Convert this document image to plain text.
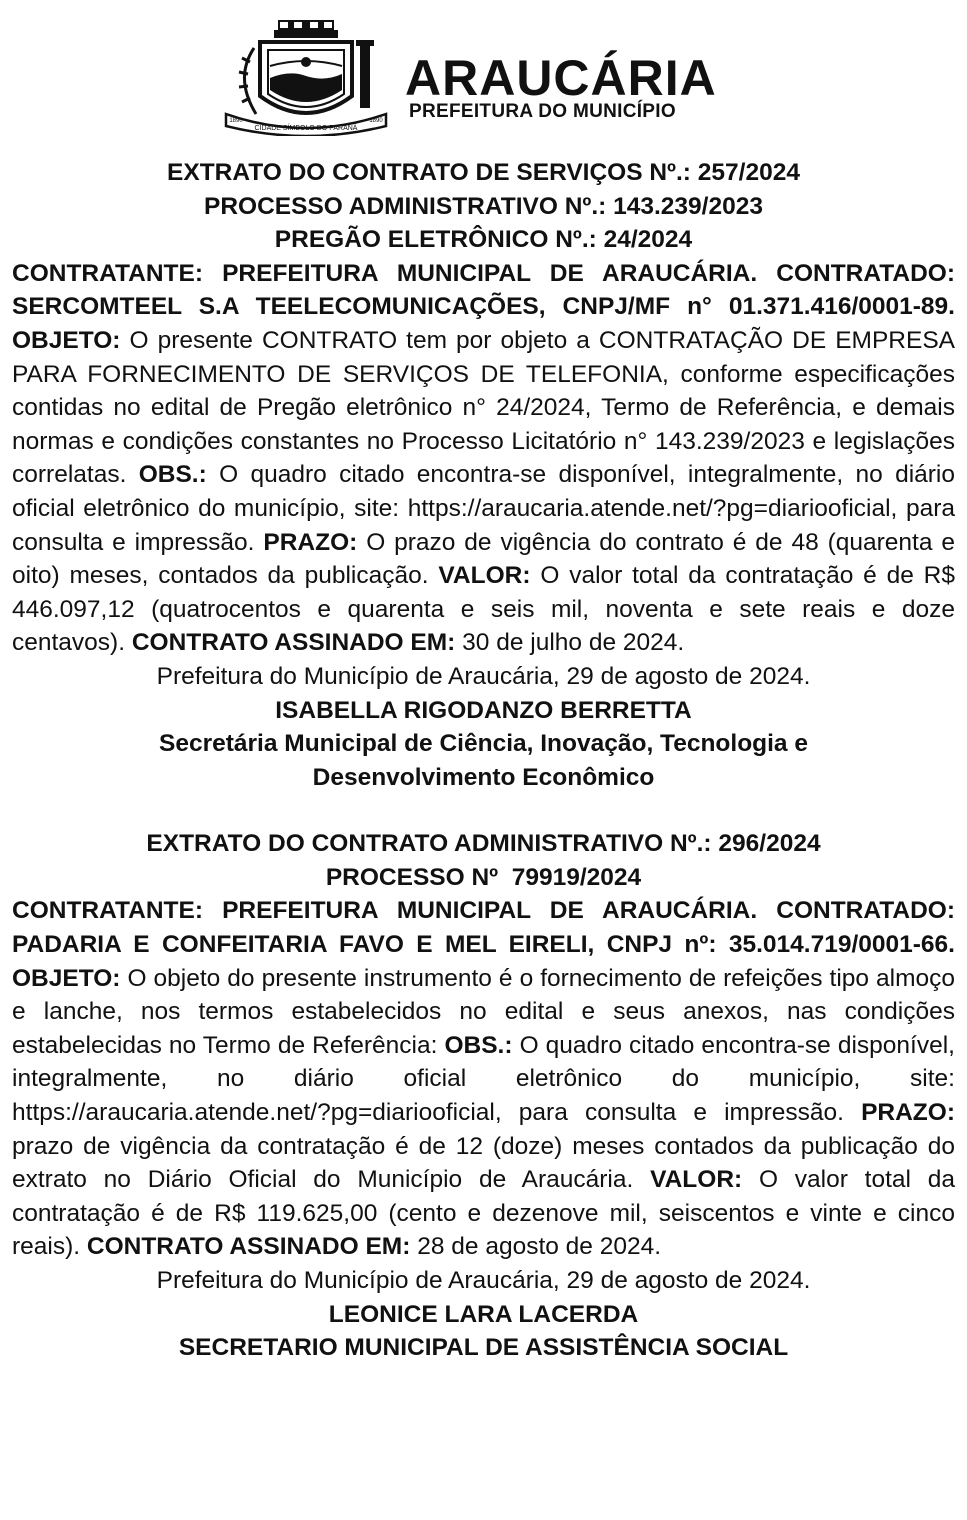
CIDADE SÍMBOLO DO PARANÁ
1890	1890
ARAUCÁRIA
PREFEITURA DO MUNICÍPIO
EXTRATO DO CONTRATO DE SERVIÇOS Nº.: 257/2024
PROCESSO ADMINISTRATIVO Nº.: 143.239/2023
PREGÃO ELETRÔNICO Nº.: 24/2024
CONTRATANTE: PREFEITURA MUNICIPAL DE ARAUCÁRIA. CONTRATADO: SERCOMTEEL S.A TEELECOMUNICAÇÕES, CNPJ/MF n° 01.371.416/0001-89. OBJETO: O presente CONTRATO tem por objeto a CONTRATAÇÃO DE EMPRESA PARA FORNECIMENTO DE SERVIÇOS DE TELEFONIA, conforme especificações contidas no edital de Pregão eletrônico n° 24/2024, Termo de Referência, e demais normas e condições constantes no Processo Licitatório n° 143.239/2023 e legislações correlatas. OBS.: O quadro citado encontra-se disponível, integralmente, no diário oficial eletrônico do município, site: https://araucaria.atende.net/?pg=diariooficial, para consulta e impressão. PRAZO: O prazo de vigência do contrato é de 48 (quarenta e oito) meses, contados da publicação. VALOR: O valor total da contratação é de R$ 446.097,12 (quatrocentos e quarenta e seis mil, noventa e sete reais e doze centavos). CONTRATO ASSINADO EM: 30 de julho de 2024.
Prefeitura do Município de Araucária, 29 de agosto de 2024.
ISABELLA RIGODANZO BERRETTA
Secretária Municipal de Ciência, Inovação, Tecnologia e
Desenvolvimento Econômico
EXTRATO DO CONTRATO ADMINISTRATIVO Nº.: 296/2024
PROCESSO Nº  79919/2024
CONTRATANTE: PREFEITURA MUNICIPAL DE ARAUCÁRIA. CONTRATADO: PADARIA E CONFEITARIA FAVO E MEL EIRELI, CNPJ nº: 35.014.719/0001-66. OBJETO: O objeto do presente instrumento é o fornecimento de refeições tipo almoço e lanche, nos termos estabelecidos no edital e seus anexos, nas condições estabelecidas no Termo de Referência: OBS.: O quadro citado encontra-se disponível, integralmente, no diário oficial eletrônico do município, site: https://araucaria.atende.net/?pg=diariooficial, para consulta e impressão. PRAZO: prazo de vigência da contratação é de 12 (doze) meses contados da publicação do extrato no Diário Oficial do Município de Araucária. VALOR: O valor total da contratação é de R$ 119.625,00 (cento e dezenove mil, seiscentos e vinte e cinco reais). CONTRATO ASSINADO EM: 28 de agosto de 2024.
Prefeitura do Município de Araucária, 29 de agosto de 2024.
LEONICE LARA LACERDA
SECRETARIO MUNICIPAL DE ASSISTÊNCIA SOCIAL
